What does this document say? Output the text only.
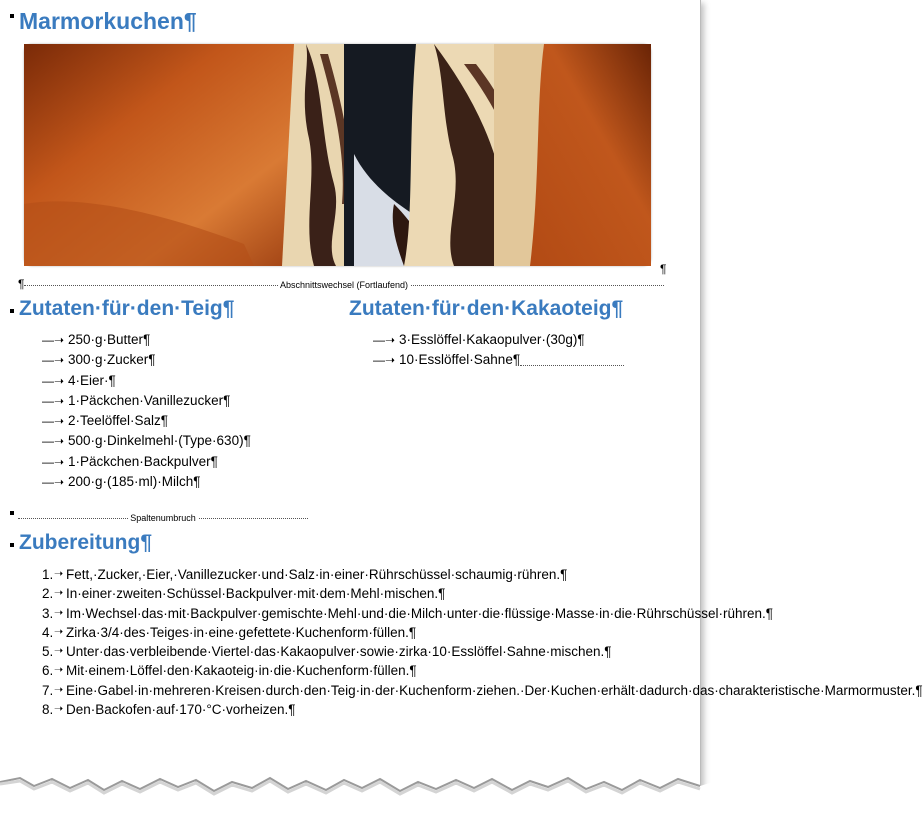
Marmorkuchen¶
¶
¶	Abschnittswechsel (Fortlaufend)
Zutaten·für·den·Teig¶
—➝ 250·g·Butter¶
—➝ 300·g·Zucker¶
—➝ 4·Eier·¶
—➝ 1·Päckchen·Vanillezucker¶
—➝ 2·Teelöffel·Salz¶
—➝ 500·g·Dinkelmehl·(Type·630)¶
—➝ 1·Päckchen·Backpulver¶
—➝ 200·g·(185·ml)·Milch¶
Zutaten·für·den·Kakaoteig¶
—➝ 3·Esslöffel·Kakaopulver·(30g)¶
—➝ 10·Esslöffel·Sahne¶
Spaltenumbruch
Zubereitung¶
1. ➝ Fett,·Zucker,·Eier,·Vanillezucker·und·Salz·in·einer·Rührschüssel·schaumig·rühren.¶
2. ➝ In·einer·zweiten·Schüssel·Backpulver·mit·dem·Mehl·mischen.¶
3. ➝ Im·Wechsel·das·mit·Backpulver·gemischte·Mehl·und·die·Milch·unter·die·flüssige·Masse·in·die·Rührschüssel·rühren.¶
4. ➝ Zirka·3/4·des·Teiges·in·eine·gefettete·Kuchenform·füllen.¶
5. ➝ Unter·das·verbleibende·Viertel·das·Kakaopulver·sowie·zirka·10·Esslöffel·Sahne·mischen.¶
6. ➝ Mit·einem·Löffel·den·Kakaoteig·in·die·Kuchenform·füllen.¶
7. ➝ Eine·Gabel·in·mehreren·Kreisen·durch·den·Teig·in·der·Kuchenform·ziehen.·Der·Kuchen·erhält·dadurch·das·charakteristische·Marmormuster.¶
8. ➝ Den·Backofen·auf·170·°C·vorheizen.¶
